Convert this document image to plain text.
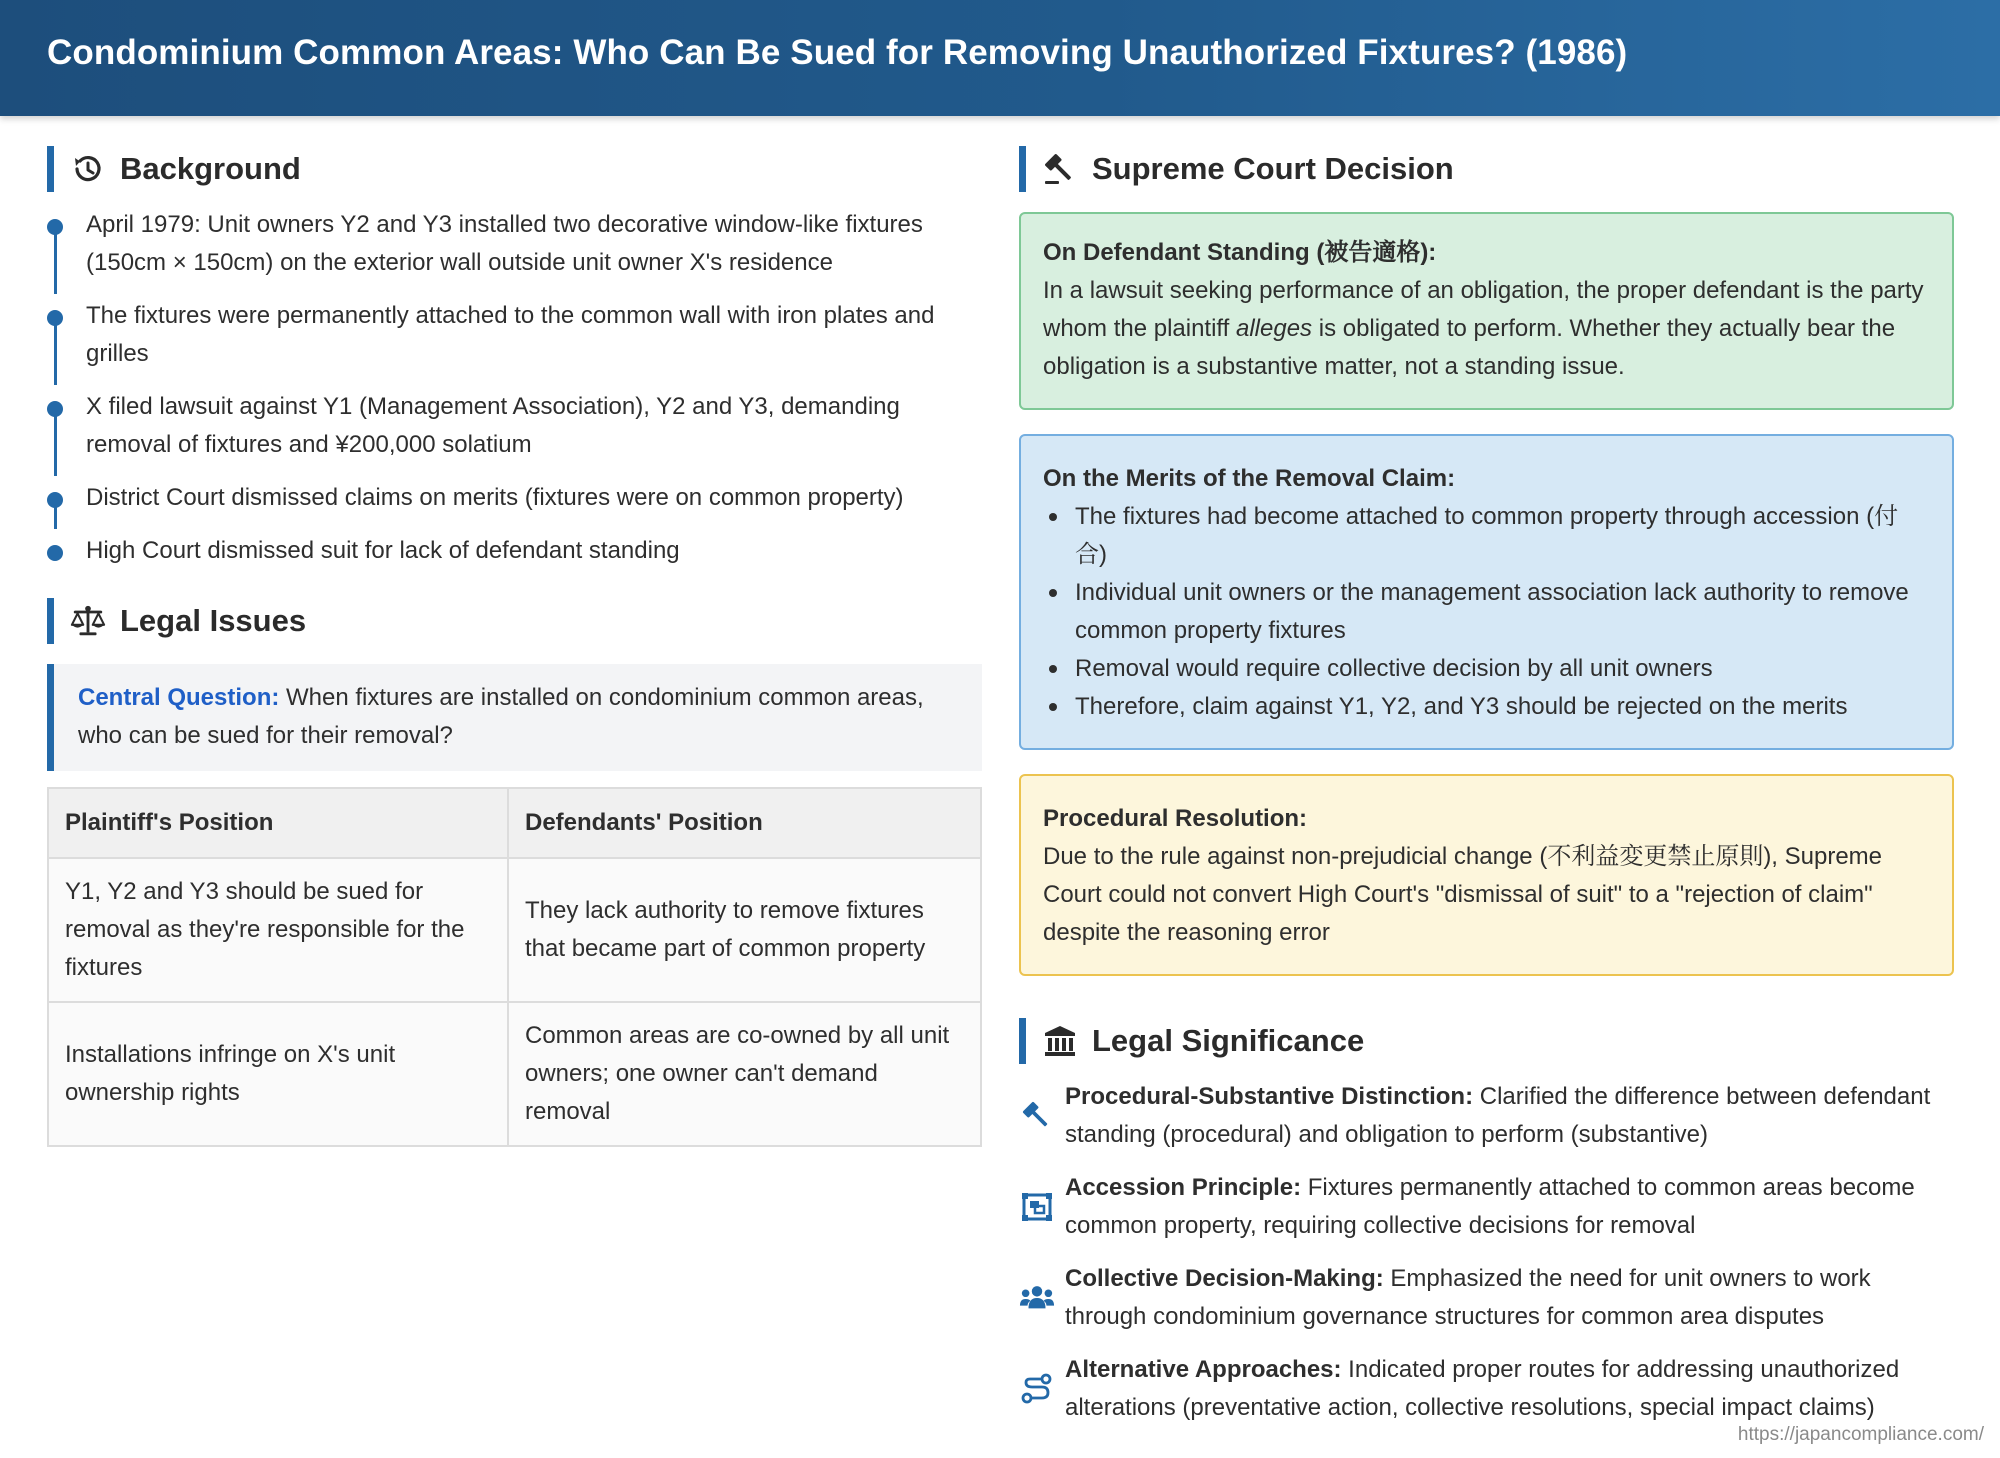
Condominium Common Areas: Who Can Be Sued for Removing Unauthorized Fixtures? (1986)
Background
April 1979: Unit owners Y2 and Y3 installed two decorative window-like fixtures (150cm × 150cm) on the exterior wall outside unit owner X's residence
The fixtures were permanently attached to the common wall with iron plates and grilles
X filed lawsuit against Y1 (Management Association), Y2 and Y3, demanding removal of fixtures and ¥200,000 solatium
District Court dismissed claims on merits (fixtures were on common property)
High Court dismissed suit for lack of defendant standing
Legal Issues
Central Question: When fixtures are installed on condominium common areas, who can be sued for their removal?
Plaintiff's Position	Defendants' Position
Y1, Y2 and Y3 should be sued for removal as they're responsible for the fixtures	They lack authority to remove fixtures that became part of common property
Installations infringe on X's unit ownership rights	Common areas are co-owned by all unit owners; one owner can't demand removal
Supreme Court Decision
On Defendant Standing (被告適格):
In a lawsuit seeking performance of an obligation, the proper defendant is the party whom the plaintiff alleges is obligated to perform. Whether they actually bear the obligation is a substantive matter, not a standing issue.
On the Merits of the Removal Claim:
The fixtures had become attached to common property through accession (付合)
Individual unit owners or the management association lack authority to remove common property fixtures
Removal would require collective decision by all unit owners
Therefore, claim against Y1, Y2, and Y3 should be rejected on the merits
Procedural Resolution:
Due to the rule against non-prejudicial change (不利益変更禁止原則), Supreme Court could not convert High Court's "dismissal of suit" to a "rejection of claim" despite the reasoning error
Legal Significance
Procedural-Substantive Distinction: Clarified the difference between defendant standing (procedural) and obligation to perform (substantive)
Accession Principle: Fixtures permanently attached to common areas become common property, requiring collective decisions for removal
Collective Decision-Making: Emphasized the need for unit owners to work through condominium governance structures for common area disputes
Alternative Approaches: Indicated proper routes for addressing unauthorized alterations (preventative action, collective resolutions, special impact claims)
https://japancompliance.com/
